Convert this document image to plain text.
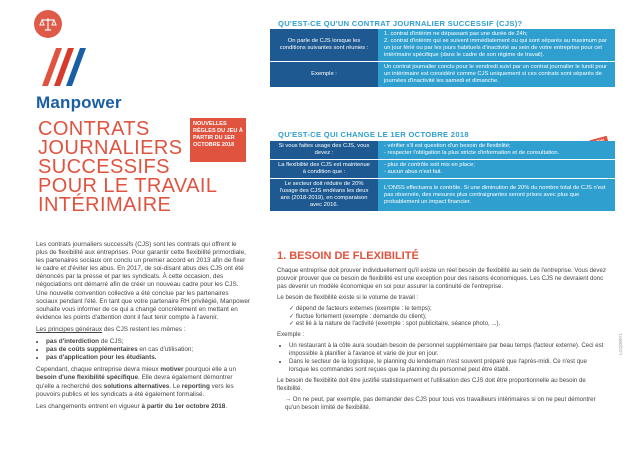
Manpower
CONTRATS
JOURNALIERS
SUCCESSIFS
POUR LE TRAVAIL
INTÉRIMAIRE
NOUVELLES RÈGLES DU JEU À PARTIR DU 1ER OCTOBRE 2018

Les contrats journaliers successifs (CJS) sont les contrats qui offrent le plus de flexibilité aux entreprises. Pour garantir cette flexibilité primordiale, les partenaires sociaux ont conclu un premier accord en 2013 afin de fixer le cadre et d'éviter les abus. En 2017, de soi-disant abus des CJS ont été dénoncés par la presse et par les syndicats. À cette occasion, des négociations ont démarré afin de créer un nouveau cadre pour les CJS. Une nouvelle convention collective a été conclue par les partenaires sociaux pendant l'été. En tant que votre partenaire RH privilégié, Manpower souhaite vous informer de ce qui a changé concrètement en mettant en évidence les points d'attention dont il faut tenir compte à l'avenir.

Les principes généraux des CJS restent les mêmes :

• pas d'interdiction de CJS;
• pas de coûts supplémentaires en cas d'utilisation;
• pas d'application pour les étudiants.

Cependant, chaque entreprise devra mieux motiver pourquoi elle a un besoin d'une flexibilité spécifique. Elle devra également démontrer qu'elle a recherché des solutions alternatives. Le reporting vers les pouvoirs publics et les syndicats a été également formalisé.

Les changements entrent en vigueur à partir du 1er octobre 2018.

QU'EST-CE QU'UN CONTRAT JOURNALIER SUCCESSIF (CJS)?
On parle de CJS lorsque les conditions suivantes sont réunies :	1. contrat d'intérim ne dépassant pas une durée de 24h;
2. contrat d'intérim qui se suivent immédiatement ou qui sont séparés au maximum par un jour férié ou par les jours habituels d'inactivité au sein de votre entreprise pour cet intérimaire spécifique (dans le cadre de son régime de travail).

Exemple :	Un contrat journalier conclu pour le vendredi suivi par un contrat journalier le lundi pour un intérimaire est considéré comme CJS uniquement si ces contrats sont séparés de journées d'inactivité les samedi et dimanche.
QU'EST-CE QUI CHANGE LE 1ER OCTOBRE 2018
Si vous faites usage des CJS, vous devez :	- vérifier s'il est question d'un besoin de flexibilité;
- respecter l'obligation la plus stricte d'information et de consultation.

La flexibilité des CJS est maintenue à condition que :	- plus de contrôle soit mis en place;
- aucun abus n'est fait.

Le secteur doit réduire de 20% l'usage des CJS endéans les deux ans (2018-2019), en comparaison avec 2016.	L'ONSS effectuera le contrôle. Si une diminution de 20% du nombre total de CJS n'est pas observée, des mesures plus contraignantes seront prises avec plus que probablement un impact financier.
1. BESOIN DE FLEXIBILITÉ

Chaque entreprise doit prouver individuellement qu'il existe un réel besoin de flexibilité au sein de l'entreprise. Vous devez pouvoir prouver que ce besoin de flexibilité est une exception pour des raisons économiques. Les CJS ne devraient donc pas devenir un modèle économique en soi pour assurer la continuité de l'entreprise.

Le besoin de flexibilité existe si le volume de travail :

✓ dépend de facteurs externes (exemple : le temps);
✓ fluctue fortement (exemple : demande du client);
✓ est lié à la nature de l'activité (exemple : spot publicitaire, séance photo, ...).

Exemple :

• Un restaurant à la côte aura soudain besoin de personnel supplémentaire par beau temps (facteur externe). Ceci est impossible à planifier à l'avance et varie de jour en jour.
• Dans le secteur de la logistique, le planning du lendemain n'est souvent préparé que l'après-midi. Ce n'est que lorsque les commandes sont reçues que la planning du personnel peut être établi.

Le besoin de flexibilité doit être justifié statistiquement et l'utilisation des CJS doit être proportionnelle au besoin de flexibilité.

→ On ne peut, par exemple, pas demander des CJS pour tous vos travailleurs intérimaires si on ne peut démontrer qu'un besoin limité de flexibilité.

LGQ00071
